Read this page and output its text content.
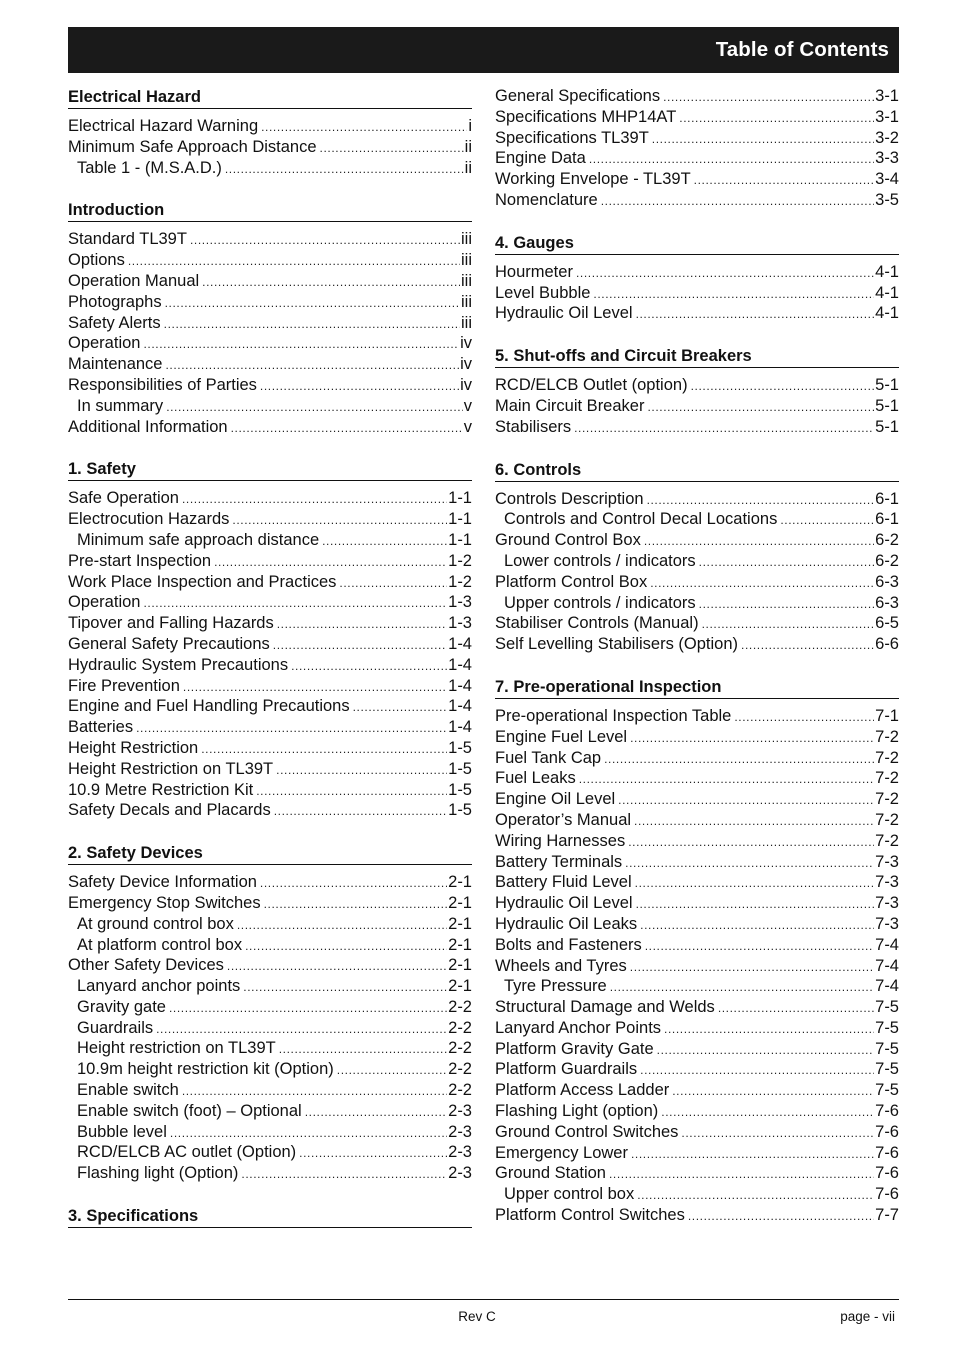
Table of Contents
Electrical Hazard
Electrical Hazard Warning .....	i
Minimum Safe Approach Distance .....	ii
Table 1 - (M.S.A.D.) .....	ii
Introduction
Standard TL39T .....	iii
Options .....	iii
Operation Manual .....	iii
Photographs .....	iii
Safety Alerts .....	iii
Operation .....	iv
Maintenance .....	iv
Responsibilities of Parties .....	iv
In summary .....	v
Additional Information .....	v
1. Safety
Safe Operation .....	1-1
Electrocution Hazards .....	1-1
Minimum safe approach distance .....	1-1
Pre-start Inspection .....	1-2
Work Place Inspection and Practices .....	1-2
Operation .....	1-3
Tipover and Falling Hazards .....	1-3
General Safety Precautions .....	1-4
Hydraulic System Precautions .....	1-4
Fire Prevention .....	1-4
Engine and Fuel Handling Precautions .....	1-4
Batteries .....	1-4
Height Restriction .....	1-5
Height Restriction on TL39T .....	1-5
10.9 Metre Restriction Kit .....	1-5
Safety Decals and Placards .....	1-5
2. Safety Devices
Safety Device Information .....	2-1
Emergency Stop Switches .....	2-1
At ground control box .....	2-1
At platform control box .....	2-1
Other Safety Devices .....	2-1
Lanyard anchor points .....	2-1
Gravity gate .....	2-2
Guardrails .....	2-2
Height restriction on TL39T .....	2-2
10.9m height restriction kit (Option) .....	2-2
Enable switch .....	2-2
Enable switch (foot) – Optional .....	2-3
Bubble level .....	2-3
RCD/ELCB AC outlet (Option) .....	2-3
Flashing light (Option) .....	2-3
3. Specifications
General Specifications .....	3-1
Specifications MHP14AT .....	3-1
Specifications TL39T .....	3-2
Engine Data .....	3-3
Working Envelope - TL39T .....	3-4
Nomenclature .....	3-5
4. Gauges
Hourmeter .....	4-1
Level Bubble .....	4-1
Hydraulic Oil Level .....	4-1
5. Shut-offs and Circuit Breakers
RCD/ELCB Outlet (option) .....	5-1
Main Circuit Breaker .....	5-1
Stabilisers .....	5-1
6. Controls
Controls Description .....	6-1
Controls and Control Decal Locations .....	6-1
Ground Control Box .....	6-2
Lower controls / indicators .....	6-2
Platform Control Box .....	6-3
Upper controls / indicators .....	6-3
Stabiliser Controls (Manual) .....	6-5
Self Levelling Stabilisers (Option) .....	6-6
7. Pre-operational Inspection
Pre-operational Inspection Table .....	7-1
Engine Fuel Level .....	7-2
Fuel Tank Cap .....	7-2
Fuel Leaks .....	7-2
Engine Oil Level .....	7-2
Operator’s Manual .....	7-2
Wiring Harnesses .....	7-2
Battery Terminals .....	7-3
Battery Fluid Level .....	7-3
Hydraulic Oil Level .....	7-3
Hydraulic Oil Leaks .....	7-3
Bolts and Fasteners .....	7-4
Wheels and Tyres .....	7-4
Tyre Pressure .....	7-4
Structural Damage and Welds .....	7-5
Lanyard Anchor Points .....	7-5
Platform Gravity Gate .....	7-5
Platform Guardrails .....	7-5
Platform Access Ladder .....	7-5
Flashing Light (option) .....	7-6
Ground Control Switches .....	7-6
Emergency Lower .....	7-6
Ground Station .....	7-6
Upper control box .....	7-6
Platform Control Switches .....	7-7
Rev C	page - vii
